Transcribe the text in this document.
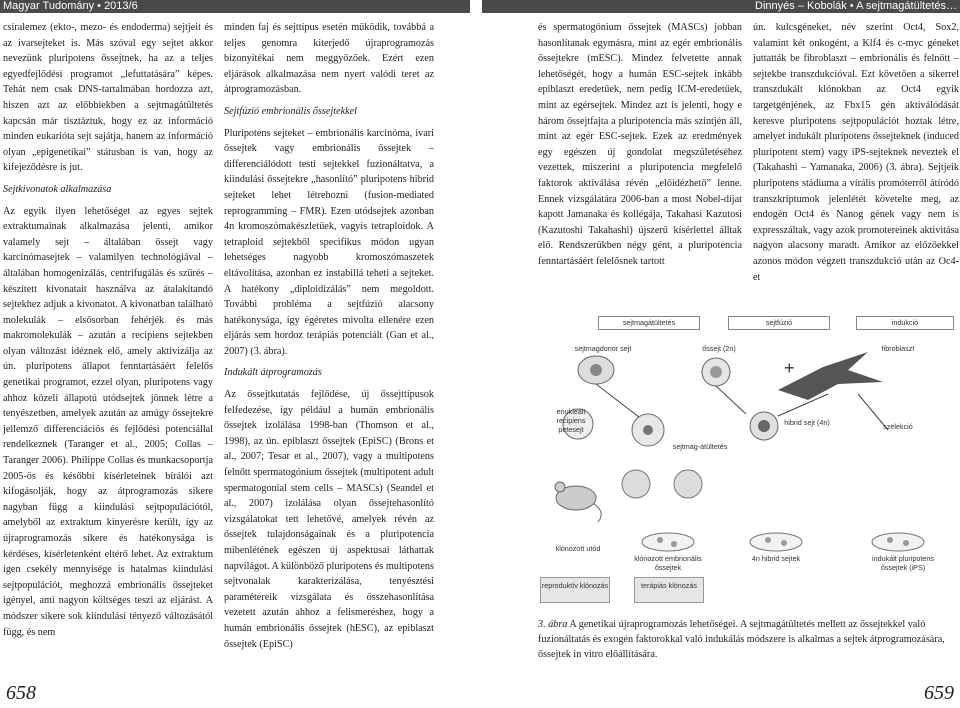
Magyar Tudomány • 2013/6	Dinnyés – Kobolák • A sejtmagátültetés…

csíralemez (ekto-, mezo- és endoderma) sejtjeit és az ivarsejteket is. Más szóval egy sejtet akkor nevezünk pluripotens őssejtnek, ha az a teljes egyedfejlődési programot „lefuttatására” képes. Tehát nem csak DNS-tartalmában hordozza azt, hiszen azt az előbbiekben a sejtmagátültetés kapcsán már tisztáztuk, hogy ez az információ minden eukarióta sejt sajátja, hanem az információ olyan „epigenetikai” státusban is van, hogy az kifejeződésre is jut.

Sejtkivonatok alkalmazása

Az egyik ilyen lehetőséget az egyes sejtek extraktumainak alkalmazása jelenti, amikor valamely sejt – általában őssejt vagy karcinómasejtek – valamilyen technológiával – általában homogenizálás, centrifugálás és szűrés – készített kivonatait használva az átalakítandó sejtekhez adjuk a kivonatot. A kivonatban található molekulák – elsősorban fehérjék és más makromolekulák – azután a recipiens sejtekben olyan változást idéznek elő, amely aktivizálja az ún. pluripotens állapot fenntartásáért felelős genetikai programot, ezzel olyan, pluripotens vagy ahhoz közeli állapotú utódsejtek jönnek létre a tenyészetben, amelyek azután az amúgy őssejtekre jellemző differenciációs és fejlődési potenciállal rendelkeznek (Taranger et al., 2005; Collas – Taranger 2006). Philippe Collas és munkacsoportja 2005-ös és későbbi kísérleteinek bírálói azt kifogásolják, hogy az átprogramozás sikere nagyban függ a kiindulási sejtpopulációtól, amelyből az extraktum kinyerésre került, így az újraprogramozás sikere és hatékonysága is kérdéses, kísérletenként eltérő lehet. Az extraktum igen csekély mennyisége is hatalmas kiindulási sejtpopulációt, meghozzá embrionális őssejteket igényel, ami nagyon költséges teszi az eljárást. A módszer sikere sok kiindulási tényező változásától függ, és nem

minden faj és sejttípus esetén működik, továbbá a teljes genomra kiterjedő újraprogramozás bizonyítékai nem meggyőzőek. Ezért ezen eljárások alkalmazása nem nyert valódi teret az átprogramozásban.

Sejtfúzió embrionális őssejtekkel

Pluripotens sejteket – embrionális karcinóma, ivari őssejtek vagy embrionális őssejtek – differenciálódott testi sejtekkel fuzionáltatva, a kiindulási őssejtekre „hasonlító” pluripotens hibrid sejteket lehet létrehozni (fusion-mediated reprogramming – FMR). Ezen utódsejtek azonban 4n kromoszómakészletűek, vagyis tetraploidok. A tetraploid sejtekből specifikus módon ugyan lehetséges nagyobb kromoszómaszetek eltávolítása, azonban ez instabillá teheti a sejteket. A hatékony „diploidizálás” nem megoldott. További probléma a sejtfúzió alacsony hatékonysága, így égéretes mivolta ellenére ezen eljárás sem hordoz terápiás potenciált (Gan et al., 2007) (3. ábra).

Indukált átprogramozás

Az őssejtkutatás fejlődése, új őssejttípusok felfedezése, így például a humán embrionális őssejtek izolálása 1998-ban (Thomson et al., 1998), az ún. epiblaszt őssejtek (EpiSC) (Brons et al., 2007; Tesar et al., 2007), vagy a multipotens felnőtt spermatogónium őssejtek (multipotent adult spermatogonial stem cells – MASCs) (Seandel et al., 2007) izolálása olyan őssejtehasonlító vizsgálatokat tett lehetővé, amelyek révén az őssejtek tulajdonságainak és a pluripotencia mibenlétének egészen új aspektusai láthattak napvilágot. A különböző pluripotens és multipotens sejtvonalak karakterizálása, tenyésztési paramétereik vizsgálata és összehasonlítása vezetett azután ahhoz a felismeréshez, hogy a humán embrionális őssejtek (hESC), az epiblaszt őssejtek (EpiSC)

és spermatogónium őssejtek (MASCs) jobban hasonlítanak egymásra, mint az egér embrionális őssejtekre (mESC). Mindez felvetette annak lehetőségét, hogy a humán ESC-sejtek inkább epiblaszt eredetűek, nem pedig ICM-eredetűek, mint az egérsejtek. Mindez azt is jelenti, hogy e három őssejtfajta a pluripotencia más szintjén áll, mint az egér ESC-sejtek. Ezek az eredmények egy egészen új gondolat megszületéséhez vezettek, miszerint a pluripotencia megfelelő faktorok aktiválása révén „előidézhető” lenne. Ennek vizsgálatára 2006-ban a most Nobel-díjat kapott Jamanaka és kollégája, Takahasi Kazutosi (Kazutoshi Takahashi) újszerű kísérlettel álltak elő. Rendszerükben négy gént, a pluripotencia fenntartásáért felelősnek tartott

ún. kulcsgéneket, név szerint Oct4, Sox2, valamint két onkogént, a Klf4 és c-myc géneket juttatták be fibroblaszt – embrionális és felnőtt – sejtekbe transzdukcióval. Ezt követően a sikerrel transzdukált klónokban az Oct4 egyik targetgénjének, az Fbx15 gén aktiválódását keresve pluripotens sejtpopulációt hoztak létre, amelyet indukált pluripotens őssejteknek (induced pluripotent stem) vagy iPS-sejteknek neveztek el (Takahashi – Yamanaka, 2006) (3. ábra). Sejtjeik pluripotens stádiuma a vírális promóterről átíródó transzkriptumok jelenlétét követelte meg, az endogén Oct4 és Nanog gének vagy nem is expresszáltak, vagy azok promotereinek aktivitása nagyon alacsony maradt. Amikor az előzőekkel azonos módon végzett transzdukció után az Oc4-et

+
sejtmagátültetés	sejtfúzió	indukció
sejtmagdonor sejt	őssejt (2n)	fibroblaszt
enukleált recipiens petesejt
sejtmag-átültetés
hibrid sejt (4n)	szelekció
klónozott utód
klónozott embrionális őssejtek
4n hibrid sejtek	indukált pluripotens őssejtek (iPS)
reproduktív klónozás	terápiás klónozás
3. ábra A genetikai újraprogramozás lehetőségei. A sejtmagátültetés mellett az őssejtekkel való fuzionáltatás és exogén faktorokkal való indukálás módszere is alkalmas a sejtek átprogramozására, őssejtek in vitro előállítására.
658	659
